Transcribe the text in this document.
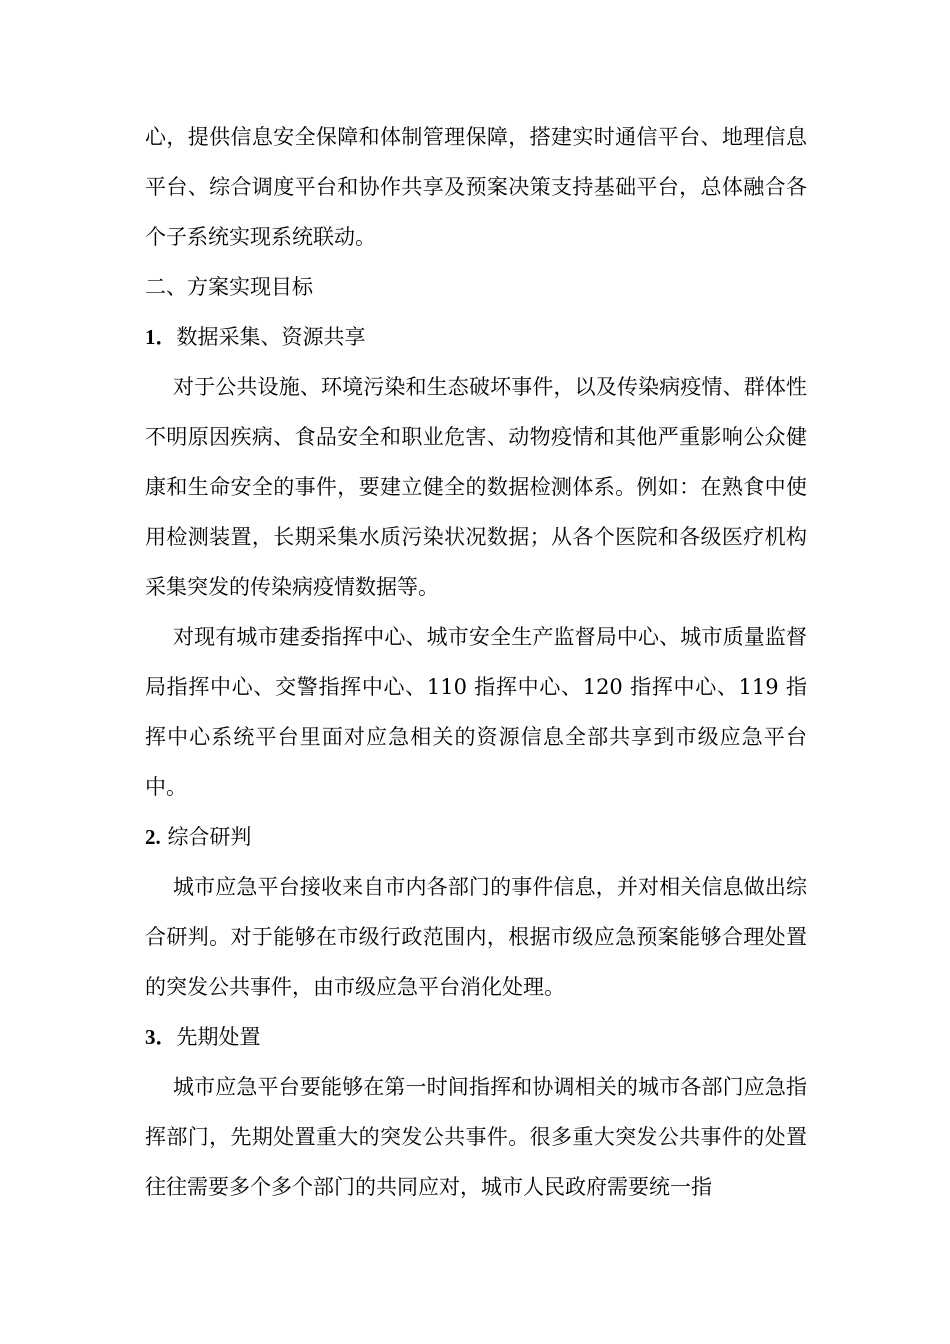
心，提供信息安全保障和体制管理保障，搭建实时通信平台、地理信息平台、综合调度平台和协作共享及预案决策支持基础平台，总体融合各个子系统实现系统联动。

二、方案实现目标

1．数据采集、资源共享

对于公共设施、环境污染和生态破坏事件，以及传染病疫情、群体性不明原因疾病、食品安全和职业危害、动物疫情和其他严重影响公众健康和生命安全的事件，要建立健全的数据检测体系。例如：在熟食中使用检测装置，长期采集水质污染状况数据；从各个医院和各级医疗机构采集突发的传染病疫情数据等。

对现有城市建委指挥中心、城市安全生产监督局中心、城市质量监督局指挥中心、交警指挥中心、110 指挥中心、120 指挥中心、119 指挥中心系统平台里面对应急相关的资源信息全部共享到市级应急平台中。

2. 综合研判

城市应急平台接收来自市内各部门的事件信息，并对相关信息做出综合研判。对于能够在市级行政范围内，根据市级应急预案能够合理处置的突发公共事件，由市级应急平台消化处理。

3．先期处置

城市应急平台要能够在第一时间指挥和协调相关的城市各部门应急指挥部门，先期处置重大的突发公共事件。很多重大突发公共事件的处置往往需要多个多个部门的共同应对，城市人民政府需要统一指
